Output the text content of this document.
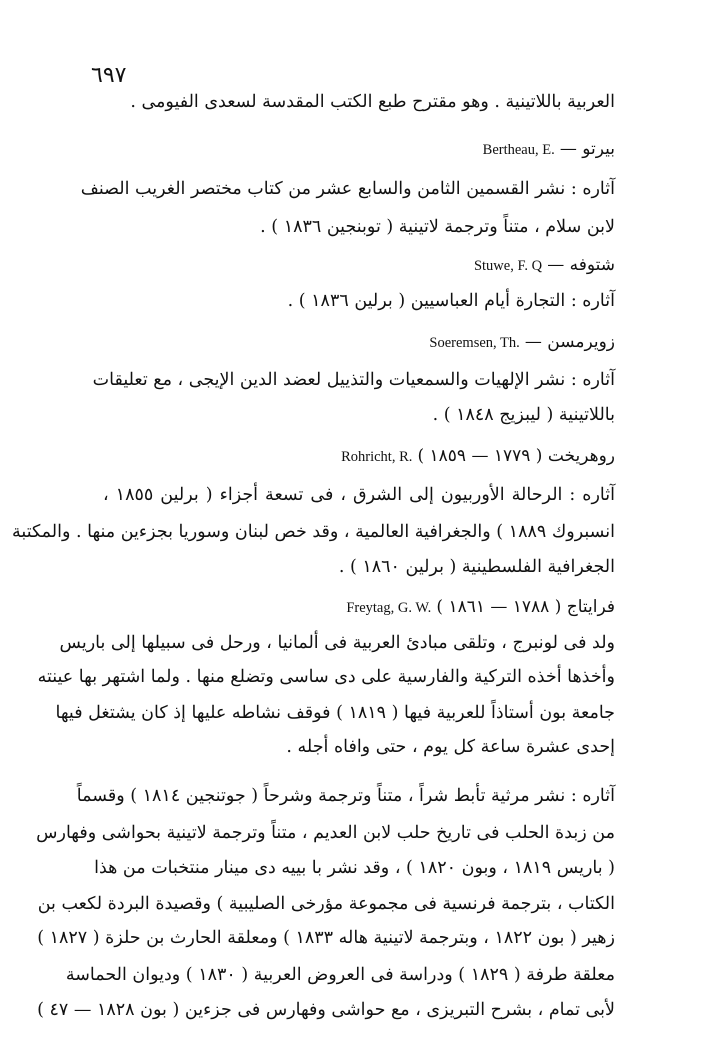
٦٩٧
العربية باللاتينية . وهو مقترح طبع الكتب المقدسة لسعدى الفيومى .
بيرتو — Bertheau, E.
آثاره : نشر القسمين الثامن والسابع عشر من كتاب مختصر الغريب الصنف
لابن سلام ، متناً وترجمة لاتينية ( توبنجين ١٨٣٦ ) .
شتوفه — Stuwe, F. Q
آثاره : التجارة أيام العباسيين ( برلين ١٨٣٦ ) .
زويرمسن — Soeremsen, Th.
آثاره : نشر الإلهيات والسمعيات والتذييل لعضد الدين الإيجى ، مع تعليقات
باللاتينية ( ليبزيج ١٨٤٨ ) .
روهريخت ( ١٧٧٩ — ١٨٥٩ ) Rohricht, R.
آثاره : الرحالة الأوربيون إلى الشرق ، فى تسعة أجزاء ( برلين ١٨٥٥ ،
انسبروك ١٨٨٩ ) والجغرافية العالمية ، وقد خص لبنان وسوريا بجزءين منها . والمكتبة
الجغرافية الفلسطينية ( برلين ١٨٦٠ ) .
فرايتاج ( ١٧٨٨ — ١٨٦١ ) Freytag, G. W.
ولد فى لونبرج ، وتلقى مبادئ العربية فى ألمانيا ، ورحل فى سبيلها إلى باريس
وأخذها أخذه التركية والفارسية على دى ساسى وتضلع منها . ولما اشتهر بها عينته
جامعة بون أستاذاً للعربية فيها ( ١٨١٩ ) فوقف نشاطه عليها إذ كان يشتغل فيها
إحدى عشرة ساعة كل يوم ، حتى وافاه أجله .
آثاره : نشر مرثية تأبط شراً ، متناً وترجمة وشرحاً ( جوتنجين ١٨١٤ ) وقسماً
من زبدة الحلب فى تاريخ حلب لابن العديم ، متناً وترجمة لاتينية بحواشى وفهارس
( باريس ١٨١٩ ، وبون ١٨٢٠ ) ، وقد نشر با بييه دى مينار منتخبات من هذا
الكتاب ، بترجمة فرنسية فى مجموعة مؤرخى الصليبية ) وقصيدة البردة لكعب بن
زهير ( بون ١٨٢٢ ، وبترجمة لاتينية هاله ١٨٣٣ ) ومعلقة الحارث بن حلزة ( ١٨٢٧ )
معلقة طرفة ( ١٨٢٩ ) ودراسة فى العروض العربية ( ١٨٣٠ ) وديوان الحماسة
لأبى تمام ، بشرح التبريزى ، مع حواشى وفهارس فى جزءين ( بون ١٨٢٨ — ٤٧ )
